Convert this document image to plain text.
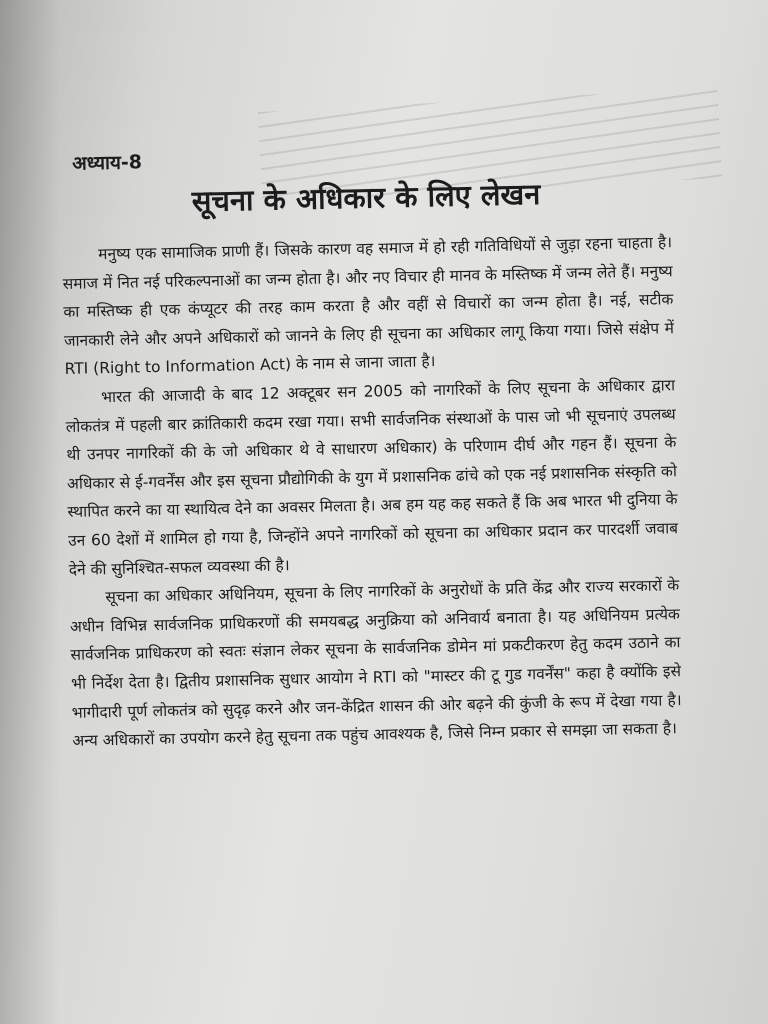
अध्याय-8
सूचना के अधिकार के लिए लेखन

मनुष्य एक सामाजिक प्राणी हैं। जिसके कारण वह समाज में हो रही गतिविधियों से जुड़ा रहना चाहता है। समाज में नित नई परिकल्पनाओं का जन्म होता है। और नए विचार ही मानव के मस्तिष्क में जन्म लेते हैं। मनुष्य का मस्तिष्क ही एक कंप्यूटर की तरह काम करता है और वहीं से विचारों का जन्म होता है। नई, सटीक जानकारी लेने और अपने अधिकारों को जानने के लिए ही सूचना का अधिकार लागू किया गया। जिसे संक्षेप में RTI (Right to Information Act) के नाम से जाना जाता है।

भारत की आजादी के बाद 12 अक्टूबर सन 2005 को नागरिकों के लिए सूचना के अधिकार द्वारा लोकतंत्र में पहली बार क्रांतिकारी कदम रखा गया। सभी सार्वजनिक संस्थाओं के पास जो भी सूचनाएं उपलब्ध थी उनपर नागरिकों की के जो अधिकार थे वे साधारण अधिकार) के परिणाम दीर्घ और गहन हैं। सूचना के अधिकार से ई-गवर्नेंस और इस सूचना प्रौद्योगिकी के युग में प्रशासनिक ढांचे को एक नई प्रशासनिक संस्कृति को स्थापित करने का या स्थायित्व देने का अवसर मिलता है। अब हम यह कह सकते हैं कि अब भारत भी दुनिया के उन 60 देशों में शामिल हो गया है, जिन्होंने अपने नागरिकों को सूचना का अधिकार प्रदान कर पारदर्शी जवाब देने की सुनिश्चित-सफल व्यवस्था की है।

सूचना का अधिकार अधिनियम, सूचना के लिए नागरिकों के अनुरोधों के प्रति केंद्र और राज्य सरकारों के अधीन विभिन्न सार्वजनिक प्राधिकरणों की समयबद्ध अनुक्रिया को अनिवार्य बनाता है। यह अधिनियम प्रत्येक सार्वजनिक प्राधिकरण को स्वतः संज्ञान लेकर सूचना के सार्वजनिक डोमेन मां प्रकटीकरण हेतु कदम उठाने का भी निर्देश देता है। द्वितीय प्रशासनिक सुधार आयोग ने RTI को "मास्टर की टू गुड गवर्नेंस" कहा है क्योंकि इसे भागीदारी पूर्ण लोकतंत्र को सुदृढ़ करने और जन-केंद्रित शासन की ओर बढ़ने की कुंजी के रूप में देखा गया है। अन्य अधिकारों का उपयोग करने हेतु सूचना तक पहुंच आवश्यक है, जिसे निम्न प्रकार से समझा जा सकता है।
